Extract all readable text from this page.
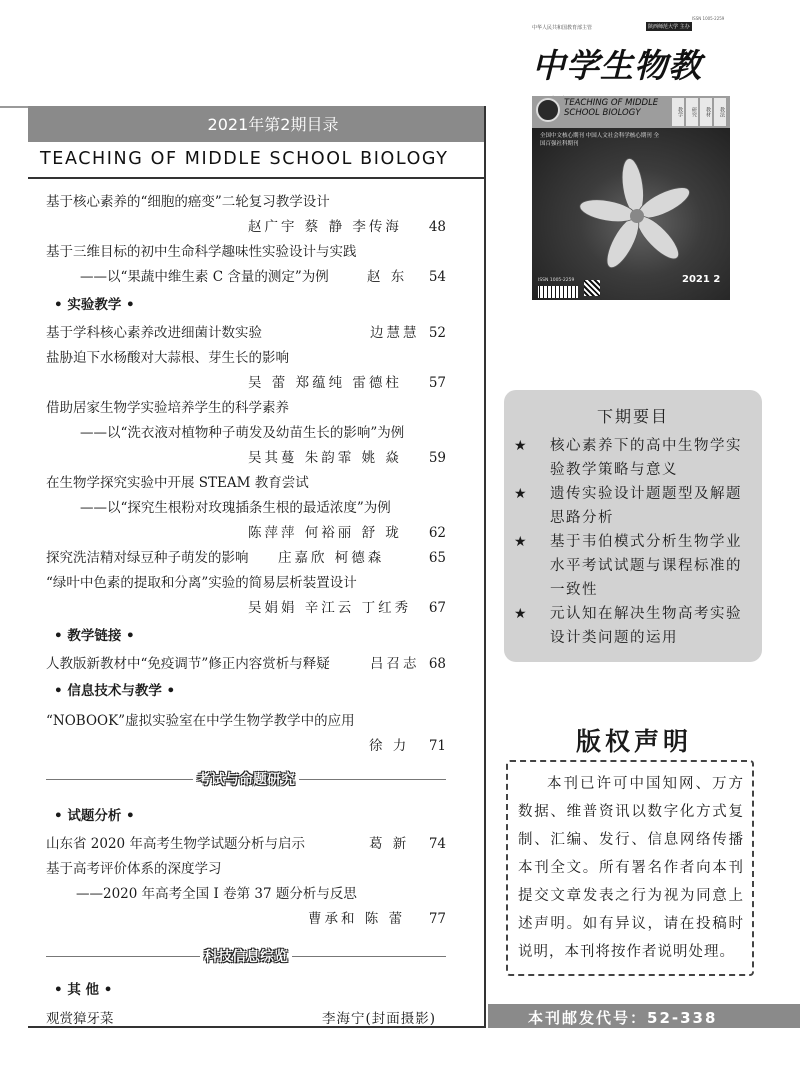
2021年第2期目录
TEACHING OF MIDDLE SCHOOL BIOLOGY
基于核心素养的“细胞的癌变”二轮复习教学设计
赵广宇 蔡 静 李传海 48
基于三维目标的初中生命科学趣味性实验设计与实践
——以“果蔬中维生素 C 含量的测定”为例	赵 东 54
• 实验教学 •
基于学科核心素养改进细菌计数实验	边慧慧 52
盐胁迫下水杨酸对大蒜根、芽生长的影响
吴 蕾 郑蕴纯 雷德柱 57
借助居家生物学实验培养学生的科学素养
——以“洗衣液对植物种子萌发及幼苗生长的影响”为例
吴其蔓 朱韵霏 姚 焱 59
在生物学探究实验中开展 STEAM 教育尝试
——以“探究生根粉对玫瑰插条生根的最适浓度”为例
陈萍萍 何裕丽 舒 珑 62
探究洗洁精对绿豆种子萌发的影响 庄嘉欣 柯德森	65
“绿叶中色素的提取和分离”实验的简易层析装置设计
吴娟娟 辛江云 丁红秀 67
• 教学链接 •
人教版新教材中“免疫调节”修正内容赏析与释疑	吕召志 68
• 信息技术与教学 •
“NOBOOK”虚拟实验室在中学生物学教学中的应用
徐 力 71
考试与命题研究
• 试题分析 •
山东省 2020 年高考生物学试题分析与启示	葛 新 74
基于高考评价体系的深度学习
——2020 年高考全国 I 卷第 37 题分析与反思
曹承和 陈 蕾 77
科技信息综览
• 其 他 •
观赏獐牙菜	李海宁(封面摄影)
中华人民共和国教育部主管	陕西师范大学 主办
ISSN 1005-2259
中学生物教
TEACHING OF MIDDLE SCHOOL BIOLOGY	教学 研究 教材 教法
全国中文核心期刊 中国人文社会科学核心期刊 全国百强社科期刊
ISSN 1005-2259	2021 2
下期要目
★ 核心素养下的高中生物学实验教学策略与意义
★ 遗传实验设计题题型及解题思路分析
★ 基于韦伯模式分析生物学业水平考试试题与课程标准的一致性
★ 元认知在解决生物高考实验设计类问题的运用
版权声明
本刊已许可中国知网、万方数据、维普资讯以数字化方式复制、汇编、发行、信息网络传播本刊全文。所有署名作者向本刊提交文章发表之行为视为同意上述声明。如有异议，请在投稿时说明，本刊将按作者说明处理。
本刊邮发代号：52-338
